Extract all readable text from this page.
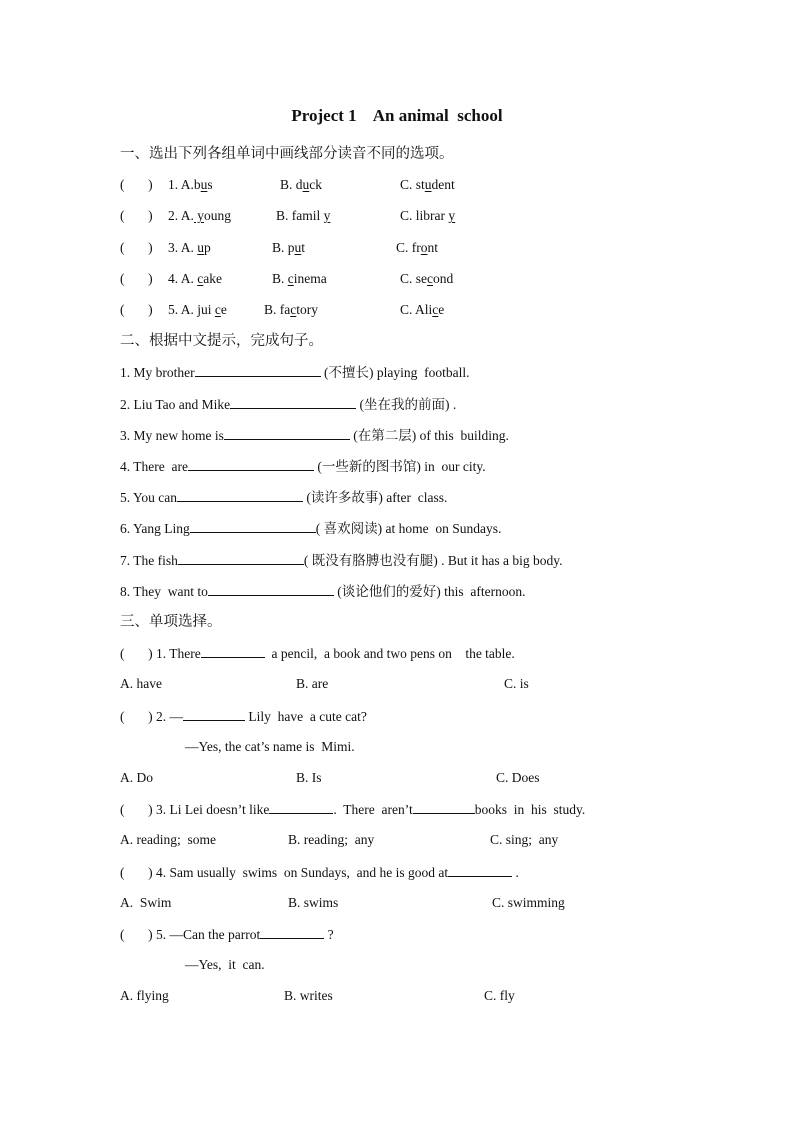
Project 1    An animal  school
一、选出下列各组单词中画线部分读音不同的选项。

(       )

1. A.bus

	B. duck

	C. student

(       )

2. A. young

	B. famil y

	C. librar y

(       )

3. A. up

	B. put

	C. front

(       )

4. A. cake

	B. cinema

	C. second

(       )

5. A. jui ce

	B. factory

	C. Alice

二、根据中文提示，完成句子。
1. My brother	(不擅长) playing  football.
2. Liu Tao and Mike	(坐在我的前面) .
3. My new home is	(在第二层) of this  building.
4. There  are	(一些新的图书馆) in  our city.
5. You can	(读许多故事) after  class.
6. Yang Ling	( 喜欢阅读) at home  on Sundays.
7. The fish	( 既没有胳膊也没有腿) . But it has a big body.
8. They  want to	(谈论他们的爱好) this  afternoon.
三、单项选择。
(       ) 1. There	a pencil,  a book and two pens on    the table.

A. have

	B. are

	C. is

(       ) 2. —	Lily  have  a cute cat?
—Yes, the cat’s name is  Mimi.

A. Do

	B. Is

	C. Does

(       ) 3. Li Lei doesn’t like	.  There  aren’t	books  in  his  study.

A. reading;  some

	B. reading;  any

	C. sing;  any

(       ) 4. Sam usually  swims  on Sundays,  and he is good at	.

A.  Swim

	B. swims

	C. swimming

(       ) 5. —Can the parrot	?
—Yes,  it  can.

A. flying

	B. writes

	C. fly
